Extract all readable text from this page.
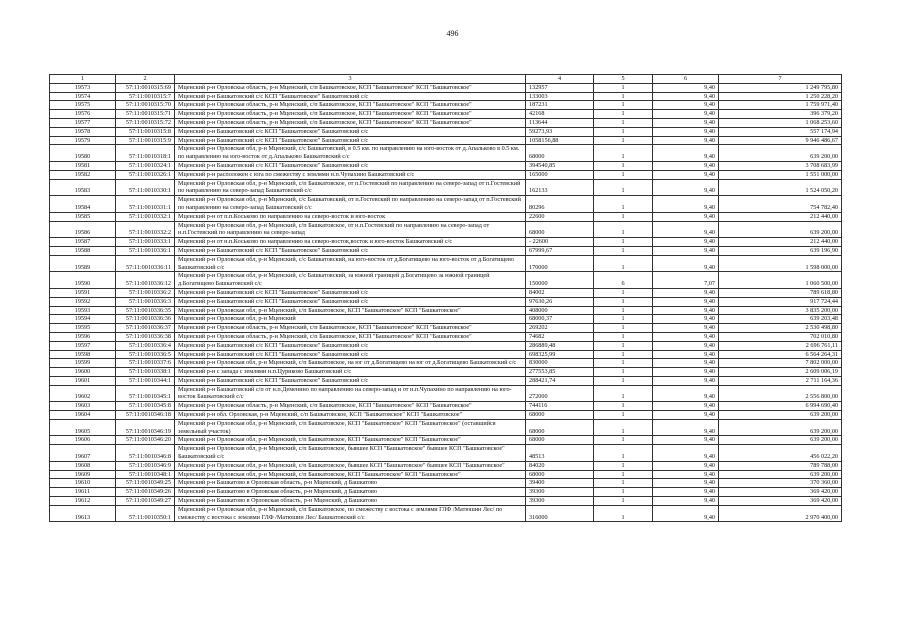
496
1	2	3	4	5	6	7
19573	57:11:0010315:69	Мценский р-н Орловскьа область, р-н Мценский, с/п Башкатовское, КСП "Башкатовское" КСП "Башкатовское"	132957	1	9,40	1 249 795,80
19574	57:11:0010315:7	Мценский р-н Башкатовский с/с КСП "Башкатовское" Башкатовский с/с	133003	1	9,40	1 250 228,20
19575	57:11:0010315:70	Мценский р-н Орловская область, р-н Мценский, с/п Башкатовское, КСП "Башкатовское" КСП "Башкатовское"	187231	1	9,40	1 759 971,40
19576	57:11:0010315:71	Мценский р-н Орловская область, р-н Мценский, с/п Башкатовское, КСП "Башкатовское" КСП "Башкатовское"	42168	1	9,40	396 379,20
19577	57:11:0010315:72	Мценский р-н Орловская область, р-н Мценский, с/п Башкатовское, КСП "Башкатовское" КСП "Башкатовское"	113644	1	9,40	1 068 253,60
19578	57:11:0010315:8	Мценский р-н Башкатовский с/с КСП "Башкатовское" Башкатовский с/с	59273,93	1	9,40	557 174,94
19579	57:11:0010315:9	Мценский р-н Башкатовский с/с КСП "Башкатовское" Башкатовский с/с	1058156,88	1	9,40	9 946 486,67
19580	57:11:0010318:1	Мценский р-н Орловская обл, р-н Мценский, с/с Башкатовский, в 0.5 км. по направлению на юго-восток от д.Апальково в 0.5 км. по направлению на юго-восток от д.Апальково Башкатовский с/с	68000	1	9,40	639 200,00
19581	57:11:0010324:1	Мценский р-н Башкатовский с/с КСП "Башкатовское" Башкатовский с/с	394540,85	1	9,40	3 708 683,99
19582	57:11:0010326:1	Мценский р-н расположен с юга по смежеству с землями н.п.Чупахино Башкатовский с/с	165000	1	9,40	1 551 000,00
19583	57:11:0010330:1	Мценский р-н Орловская обл, р-н Мценский, с/п Башкатовское, от п.Гостевский по направлению на северо-запад от п.Гостевский по направлению на северо-запад Башкатовский с/с	162133	1	9,40	1 524 050,20
19584	57:11:0010331:1	Мценский р-н Орловская обл, р-н Мценский, с/с Башкатовский, от п.Гостевский по направлению на северо-запад от п.Гостевский по направлению на северо-запад Башкатовский с/с	80296	1	9,40	754 782,40
19585	57:11:0010332:1	Мценский р-н от п.п.Коськово по направлению на северо-восток и юго-восток	22600	1	9,40	212 440,00
19586	57:11:0010332:2	Мценский р-н Орловская обл, р-н Мценский, с/п Башкатовское, от н.п.Гостевский по направлению на северо-запад от н.п.Гостевский по направлению на северо-запад	68000	1	9,40	639 200,00
19587	57:11:0010333:1	Мценский р-н от н.п.Коськово по направлению на северо-восток,восток и юго-восток Башкатовский с/с	- 22600	1	9,40	212 440,00
19588	57:11:0010336:1	Мценский р-н Башкатовский с/с КСП "Башкатовское" Башкатовский с/с	67999,67	1	9,40	639 196,90
19589	57:11:0010336:11	Мценский р-н Орловская обл, р-н Мценский, с/с Башкатовский, на юго-восток от д.Богатищево на юго-восток от д.Богатищево Башкатовский с/с	170000	1	9,40	1 598 000,00
19590	57:11:0010336:12	Мценский р-н Орловская обл, р-н Мценский, с/с Башкатовский, за южной границей д.Богатищево за южной границей д.Богатищево Башкатовский с/с	150000	6	7,07	1 060 500,00
19591	57:11:0010336:2	Мценский р-н Башкатовский с/с КСП "Башкатовское" Башкатовский с/с	84002	1	9,40	789 618,80
19592	57:11:0010336:3	Мценский р-н Башкатовский с/с КСП "Башкатовское" Башкатовский с/с	97630,26	1	9,40	917 724,44
19593	57:11:0010336:35	Мценский р-н Орловская обл, р-н Мценский, с/п Башкатовское, КСП "Башкатовское" КСП "Башкатовское"	408000	1	9,40	3 835 200,00
19594	57:11:0010336:36	Мценский р-н Орловская обл, р-н Мценский	68000,37	1	9,40	639 203,48
19595	57:11:0010336:37	Мценский р-н Орловская область, р-н Мценский, с/п Башкатовское, КСП "Башкатовское" КСП "Башкатовское"	269202	1	9,40	2 530 498,80
19596	57:11:0010336:38	Мценский р-н Орловская область, р-н Мценский, с/п Башкатовское, КСП "Башкатовское" КСП "Башкатовское"	74682	1	9,40	702 010,80
19597	57:11:0010336:4	Мценский р-н Башкатовский с/с КСП "Башкатовское" Башкатовский с/с	286889,48	1	9,40	2 696 761,11
19598	57:11:0010336:5	Мценский р-н Башкатовский с/с КСП "Башкатовское" Башкатовский с/с	698325,99	1	9,40	6 564 264,31
19599	57:11:0010337:6	Мценский р-н Орловская обл, р-н Мценский, с/п Башкатовское, на юг от д.Богатищево на юг от д.Богатищево Башкатовский с/с	830000	1	9,40	7 802 000,00
19600	57:11:0010338:1	Мценский р-н с запада с землями н.п.Цуриково Башкатовский с/с	277553,85	1	9,40	2 609 006,19
19601	57:11:0010344:1	Мценский р-н Башкатовский с/с КСП "Башкатовское" Башкатовский с/с	288421,74	1	9,40	2 711 164,36
19602	57:11:0010345:1	Мценский р-н Башкатовский с/п от н.п.Деменино по направлению на северо-запад и от н.п.Чупахино по направлению на юго-восток Башкатовский с/с	272000	1	9,40	2 556 800,00
19603	57:11:0010345:8	Мценский р-н Орловская область, р-н Мценский, с/п Башкатовское, КСП "Башкатовское" КСП "Башкатовское"	744116	1	9,40	6 994 690,40
19604	57:11:0010346:18	Мценский р-н обл. Орловская, р-н Мценский, с/п Башкатовское, КСП "Башкатовское" КСП "Башкатовское"	68000	1	9,40	639 200,00
19605	57:11:0010346:19	Мценский р-н Орловская обл, р-н Мценский, с/п Башкатовское, КСП "Башкатовское" КСП "Башкатовское" (оставшийся земельный участок)	68000	1	9,40	639 200,00
19606	57:11:0010346:20	Мценский р-н Орловская обл, р-н Мценский, с/п Башкатовское, КСП "Башкатовское" КСП "Башкатовское"	68000	1	9,40	639 200,00
19607	57:11:0010346:8	Мценский р-н Орловская обл, р-н Мценский, с/п Башкатовское, бывшее КСП "Башкатовское" бывшее КСП "Башкатовское" Башкатовский с/с	48513	1	9,40	456 022,20
19608	57:11:0010346:9	Мценский р-н Орловская обл, р-н Мценский, с/п Башкатовское, бывшее КСП "Башкатовское" бывшее КСП "Башкатовское"	84020	1	9,40	789 788,00
19609	57:11:0010348:1	Мценский р-н Орловская обл, р-н Мценский, с/п Башкатовское, КСП "Башкатовское" КСП "Башкатовское"	68000	1	9,40	639 200,00
19610	57:11:0010349:25	Мценский р-н Башкатово в Орловская область, р-н Мценский, д Башкатово	39400	1	9,40	370 360,00
19611	57:11:0010349:26	Мценский р-н Башкатово в Орловская область, р-н Мценский, д Башкатово	39300	1	9,40	369 420,00
19612	57:11:0010349:27	Мценский р-н Башкатово в Орловская область, р-н Мценский, д Башкатово	39300	1	9,40	369 420,00
19613	57:11:0010350:1	Мценский р-н Орловская обл, р-н Мценский, с/п Башкатовское, по смежеству с востока с землями ГЛФ /Матюшин Лес/ по смежеству с востока с землями ГЛФ /Матюшин Лес/ Башкатовский с/с	316000	1	9,40	2 970 400,00
